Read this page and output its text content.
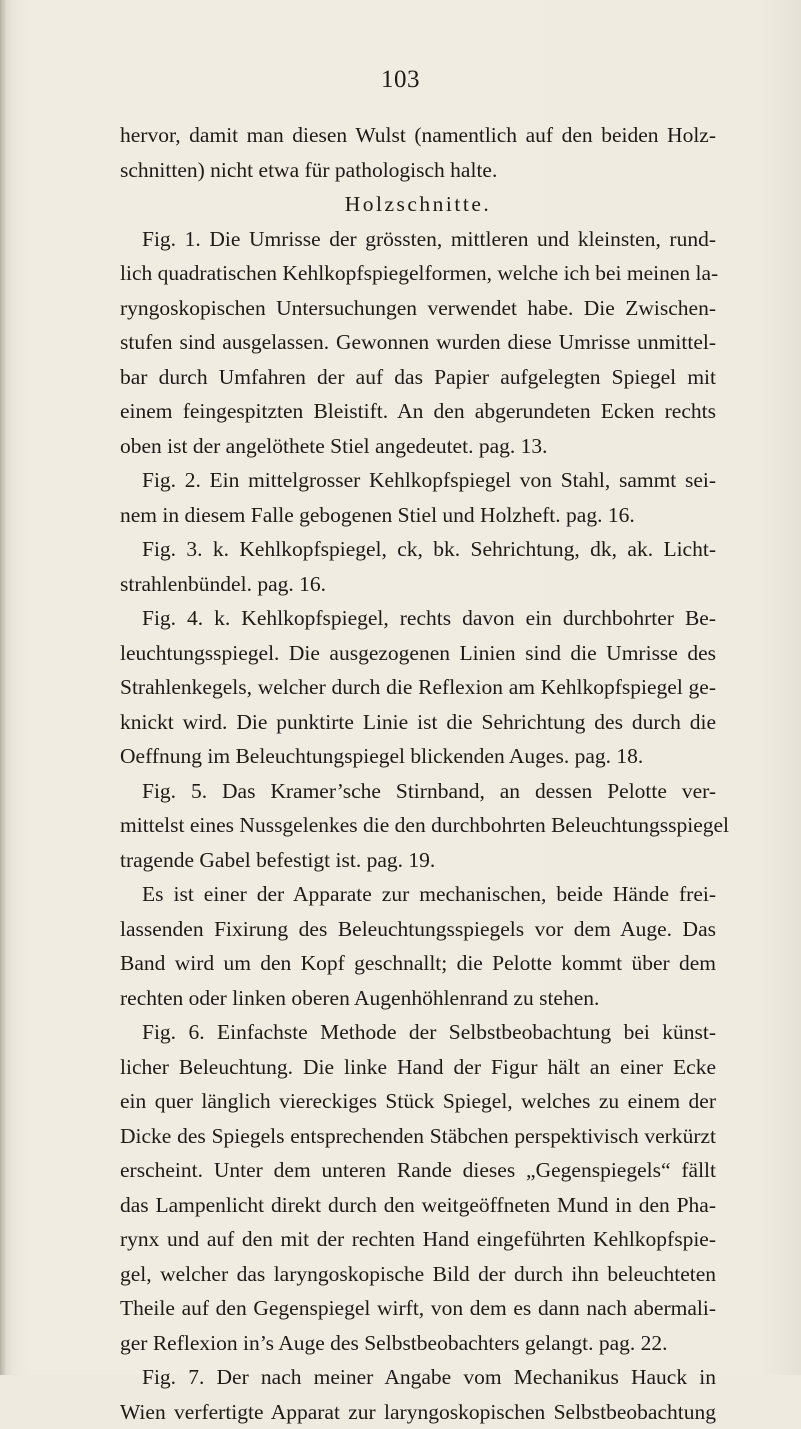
103
hervor, damit man diesen Wulst (namentlich auf den beiden Holz-
schnitten) nicht etwa für pathologisch halte.
Holzschnitte.
Fig. 1. Die Umrisse der grössten, mittleren und kleinsten, rund-
lich quadratischen Kehlkopfspiegelformen, welche ich bei meinen la-
ryngoskopischen Untersuchungen verwendet habe. Die Zwischen-
stufen sind ausgelassen. Gewonnen wurden diese Umrisse unmittel-
bar durch Umfahren der auf das Papier aufgelegten Spiegel mit
einem feingespitzten Bleistift. An den abgerundeten Ecken rechts
oben ist der angelöthete Stiel angedeutet. pag. 13.
Fig. 2. Ein mittelgrosser Kehlkopfspiegel von Stahl, sammt sei-
nem in diesem Falle gebogenen Stiel und Holzheft. pag. 16.
Fig. 3. k. Kehlkopfspiegel, ck, bk. Sehrichtung, dk, ak. Licht-
strahlenbündel. pag. 16.
Fig. 4. k. Kehlkopfspiegel, rechts davon ein durchbohrter Be-
leuchtungsspiegel. Die ausgezogenen Linien sind die Umrisse des
Strahlenkegels, welcher durch die Reflexion am Kehlkopfspiegel ge-
knickt wird. Die punktirte Linie ist die Sehrichtung des durch die
Oeffnung im Beleuchtungspiegel blickenden Auges. pag. 18.
Fig. 5. Das Kramer’sche Stirnband, an dessen Pelotte ver-
mittelst eines Nussgelenkes die den durchbohrten Beleuchtungsspiegel
tragende Gabel befestigt ist. pag. 19.
Es ist einer der Apparate zur mechanischen, beide Hände frei-
lassenden Fixirung des Beleuchtungsspiegels vor dem Auge. Das
Band wird um den Kopf geschnallt; die Pelotte kommt über dem
rechten oder linken oberen Augenhöhlenrand zu stehen.
Fig. 6. Einfachste Methode der Selbstbeobachtung bei künst-
licher Beleuchtung. Die linke Hand der Figur hält an einer Ecke
ein quer länglich viereckiges Stück Spiegel, welches zu einem der
Dicke des Spiegels entsprechenden Stäbchen perspektivisch verkürzt
erscheint. Unter dem unteren Rande dieses „Gegenspiegels“ fällt
das Lampenlicht direkt durch den weitgeöffneten Mund in den Pha-
rynx und auf den mit der rechten Hand eingeführten Kehlkopfspie-
gel, welcher das laryngoskopische Bild der durch ihn beleuchteten
Theile auf den Gegenspiegel wirft, von dem es dann nach abermali-
ger Reflexion in’s Auge des Selbstbeobachters gelangt. pag. 22.
Fig. 7. Der nach meiner Angabe vom Mechanikus Hauck in
Wien verfertigte Apparat zur laryngoskopischen Selbstbeobachtung
